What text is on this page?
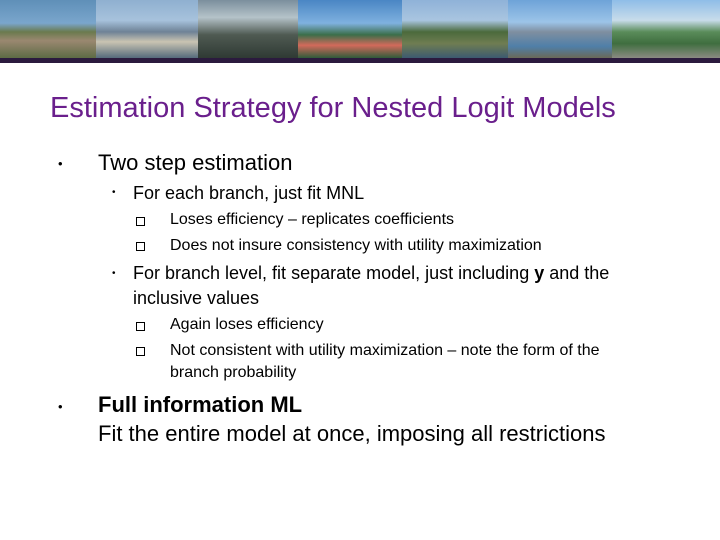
Estimation Strategy for Nested Logit Models
• Two step estimation
• For each branch, just fit MNL
Loses efficiency – replicates coefficients
Does not insure consistency with utility maximization
• For branch level, fit separate model, just including y and the
inclusive values
Again loses efficiency
Not consistent with utility maximization – note the form of the
branch probability
• Full information ML
Fit the entire model at once, imposing all restrictions
